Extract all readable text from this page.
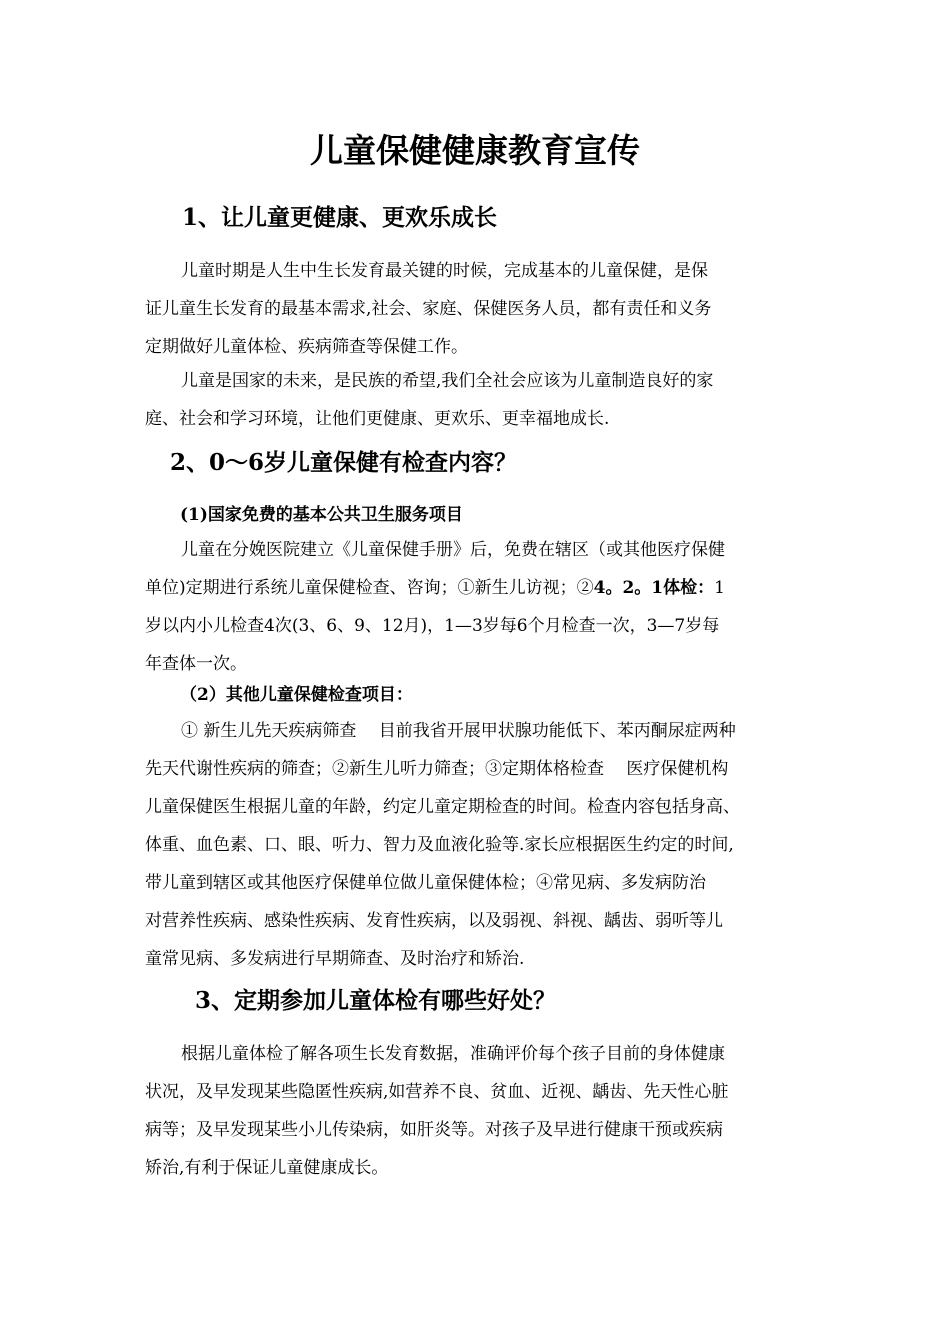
儿童保健健康教育宣传
1、让儿童更健康、更欢乐成长
儿童时期是人生中生长发育最关键的时候，完成基本的儿童保健，是保
证儿童生长发育的最基本需求,社会、家庭、保健医务人员，都有责任和义务
定期做好儿童体检、疾病筛查等保健工作。
儿童是国家的未来，是民族的希望,我们全社会应该为儿童制造良好的家
庭、社会和学习环境，让他们更健康、更欢乐、更幸福地成长.
2、0～6岁儿童保健有检查内容？
(1)国家免费的基本公共卫生服务项目
儿童在分娩医院建立《儿童保健手册》后，免费在辖区（或其他医疗保健
单位)定期进行系统儿童保健检查、咨询；①新生儿访视；②4。2。1体检：1
岁以内小儿检查4次(3、6、9、12月)，1—3岁每6个月检查一次，3—7岁每
年查体一次。
（2）其他儿童保健检查项目：
① 新生儿先天疾病筛查　 目前我省开展甲状腺功能低下、苯丙酮尿症两种
先天代谢性疾病的筛查；②新生儿听力筛查；③定期体格检查　 医疗保健机构
儿童保健医生根据儿童的年龄，约定儿童定期检查的时间。检查内容包括身高、
体重、血色素、口、眼、听力、智力及血液化验等.家长应根据医生约定的时间,
带儿童到辖区或其他医疗保健单位做儿童保健体检；④常见病、多发病防治
对营养性疾病、感染性疾病、发育性疾病，以及弱视、斜视、龋齿、弱听等儿
童常见病、多发病进行早期筛查、及时治疗和矫治.
3、定期参加儿童体检有哪些好处？
根据儿童体检了解各项生长发育数据，准确评价每个孩子目前的身体健康
状况，及早发现某些隐匿性疾病,如营养不良、贫血、近视、龋齿、先天性心脏
病等；及早发现某些小儿传染病，如肝炎等。对孩子及早进行健康干预或疾病
矫治,有利于保证儿童健康成长。
